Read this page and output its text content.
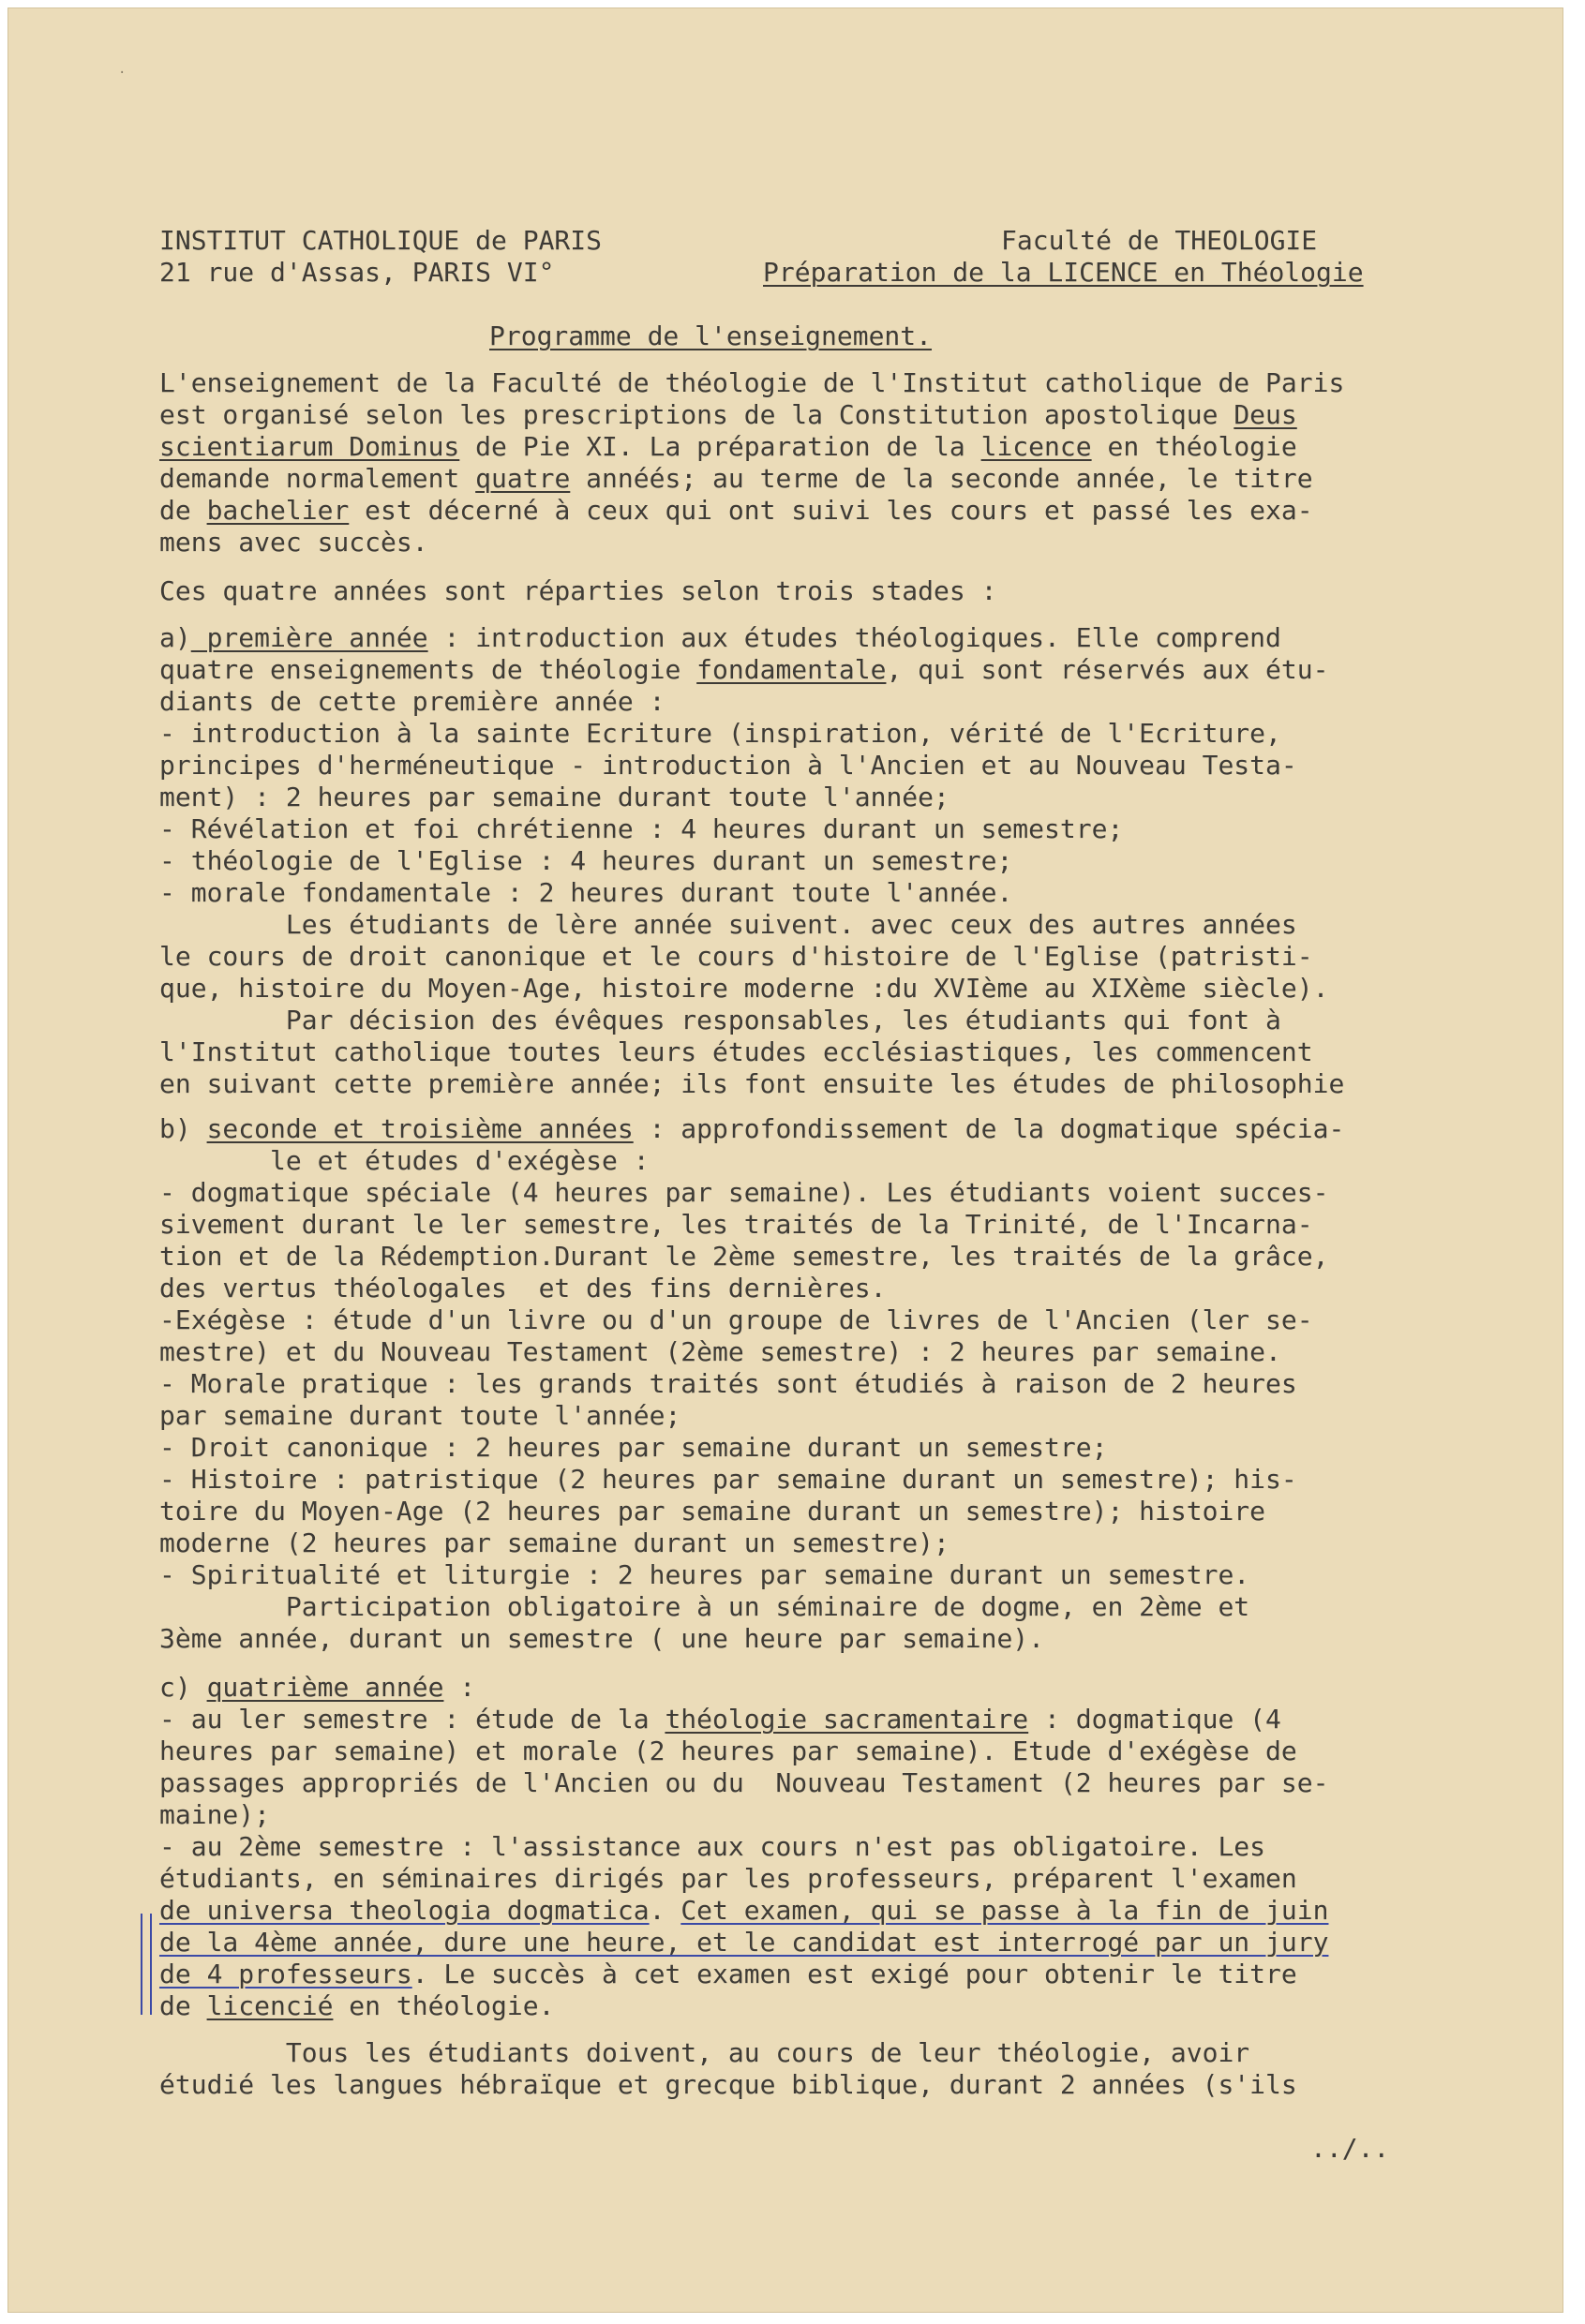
·
INSTITUT CATHOLIQUE de PARIS	Faculté de THEOLOGIE
21 rue d'Assas, PARIS VI°	Préparation de la LICENCE en Théologie
Programme de l'enseignement.
L'enseignement de la Faculté de théologie de l'Institut catholique de Paris
est organisé selon les prescriptions de la Constitution apostolique Deus
scientiarum Dominus de Pie XI. La préparation de la licence en théologie
demande normalement quatre annéés; au terme de la seconde année, le titre
de bachelier est décerné à ceux qui ont suivi les cours et passé les exa-
mens avec succès.
Ces quatre années sont réparties selon trois stades :
a) première année : introduction aux études théologiques. Elle comprend
quatre enseignements de théologie fondamentale, qui sont réservés aux étu-
diants de cette première année :
- introduction à la sainte Ecriture (inspiration, vérité de l'Ecriture,
principes d'herméneutique - introduction à l'Ancien et au Nouveau Testa-
ment) : 2 heures par semaine durant toute l'année;
- Révélation et foi chrétienne : 4 heures durant un semestre;
- théologie de l'Eglise : 4 heures durant un semestre;
- morale fondamentale : 2 heures durant toute l'année.
Les étudiants de lère année suivent. avec ceux des autres années
le cours de droit canonique et le cours d'histoire de l'Eglise (patristi-
que, histoire du Moyen-Age, histoire moderne :du XVIème au XIXème siècle).
Par décision des évêques responsables, les étudiants qui font à
l'Institut catholique toutes leurs études ecclésiastiques, les commencent
en suivant cette première année; ils font ensuite les études de philosophie
b) seconde et troisième années : approfondissement de la dogmatique spécia-
le et études d'exégèse :
- dogmatique spéciale (4 heures par semaine). Les étudiants voient succes-
sivement durant le ler semestre, les traités de la Trinité, de l'Incarna-
tion et de la Rédemption.Durant le 2ème semestre, les traités de la grâce,
des vertus théologales  et des fins dernières.
-Exégèse : étude d'un livre ou d'un groupe de livres de l'Ancien (ler se-
mestre) et du Nouveau Testament (2ème semestre) : 2 heures par semaine.
- Morale pratique : les grands traités sont étudiés à raison de 2 heures
par semaine durant toute l'année;
- Droit canonique : 2 heures par semaine durant un semestre;
- Histoire : patristique (2 heures par semaine durant un semestre); his-
toire du Moyen-Age (2 heures par semaine durant un semestre); histoire
moderne (2 heures par semaine durant un semestre);
- Spiritualité et liturgie : 2 heures par semaine durant un semestre.
Participation obligatoire à un séminaire de dogme, en 2ème et
3ème année, durant un semestre ( une heure par semaine).
c) quatrième année :
- au ler semestre : étude de la théologie sacramentaire : dogmatique (4
heures par semaine) et morale (2 heures par semaine). Etude d'exégèse de
passages appropriés de l'Ancien ou du  Nouveau Testament (2 heures par se-
maine);
- au 2ème semestre : l'assistance aux cours n'est pas obligatoire. Les
étudiants, en séminaires dirigés par les professeurs, préparent l'examen
de universa theologia dogmatica. Cet examen, qui se passe à la fin de juin
de la 4ème année, dure une heure, et le candidat est interrogé par un jury
de 4 professeurs. Le succès à cet examen est exigé pour obtenir le titre
de licencié en théologie.
Tous les étudiants doivent, au cours de leur théologie, avoir
étudié les langues hébraïque et grecque biblique, durant 2 années (s'ils
../..
